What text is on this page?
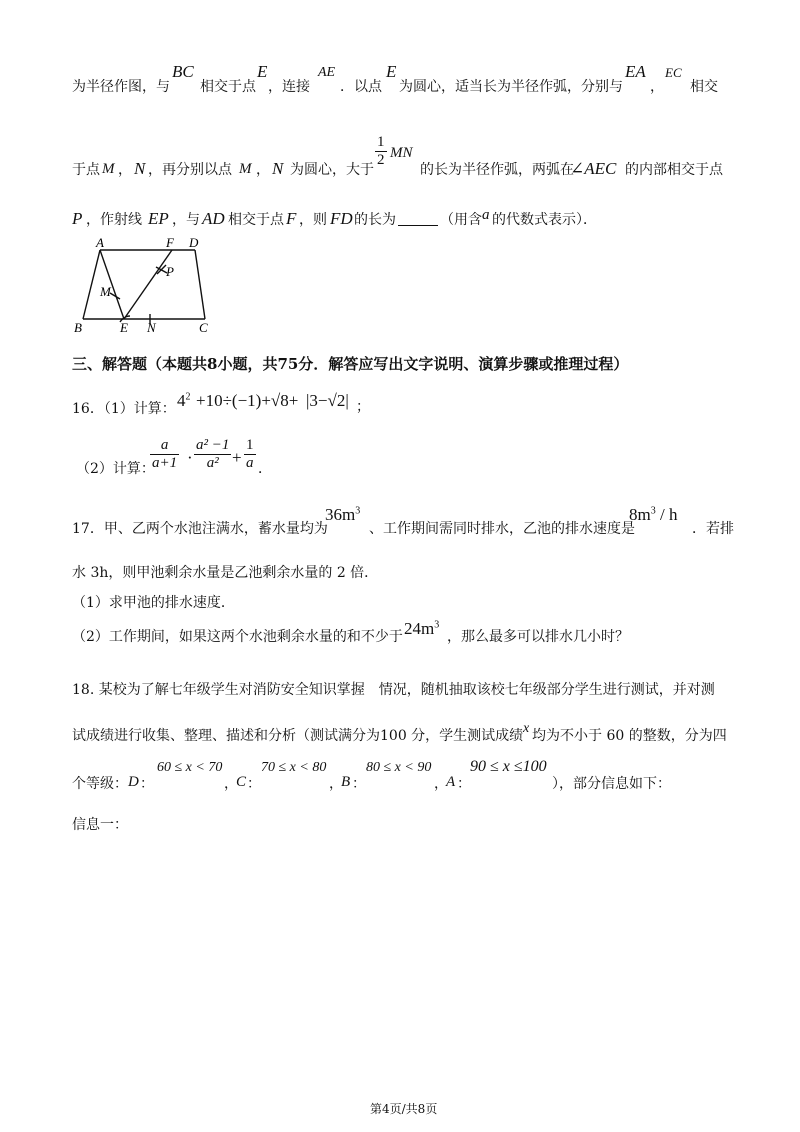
为半径作图，与
BC
相交于点
E
，连接
AE
．以点
E
为圆心，适当长为半径作弧，分别与
EA
，
EC
相交
于点 M ， N ，再分别以点 M ， N 为圆心，大于
$\frac{1}{2}$ MN
的长为半径作弧，两弧在
∠AEC 的内部相交于点
P ，作射线 EP ，与 AD 相交于点 F ，则 FD 的长为	（用含 a 的代数式表示）．
A	F D
P
M
B	E N	C
三、解答题（本题共8小题，共75分．解答应写出文字说明、演算步骤或推理过程）
16．（1）计算： $4^2 +10\div(-1)+√8+ |3-√2|$ ；
（2）计算：
$\frac{a}{a+1} \cdot \frac{\text{a² −1}}{\text{a²}} + \frac{1}{a}$ ．
17．甲、乙两个水池注满水，蓄水量均为
$36m^3$
、工作期间需同时排水，乙池的排水速度是
$8m^3$ / h
．若排
水 3h，则甲池剩余水量是乙池剩余水量的 2 倍．
（1）求甲池的排水速度．
（2）工作期间，如果这两个水池剩余水量的和不少于 $24m^3$
，那么最多可以排水几小时？
18. 某校为了解七年级学生对消防安全知识掌握　情况，随机抽取该校七年级部分学生进行测试，并对测
试成绩进行收集、整理、描述和分析（测试满分为100 分，学生测试成绩 x 均为不小于 60 的整数，分为四
个等级： D ：
60 ≤ x < 70
，
C ：
70 ≤ x < 80
，
B ：
80 ≤ x < 90
，
A ：
90 ≤ x ≤100
），部分信息如下：
信息一：
第4页/共8页
